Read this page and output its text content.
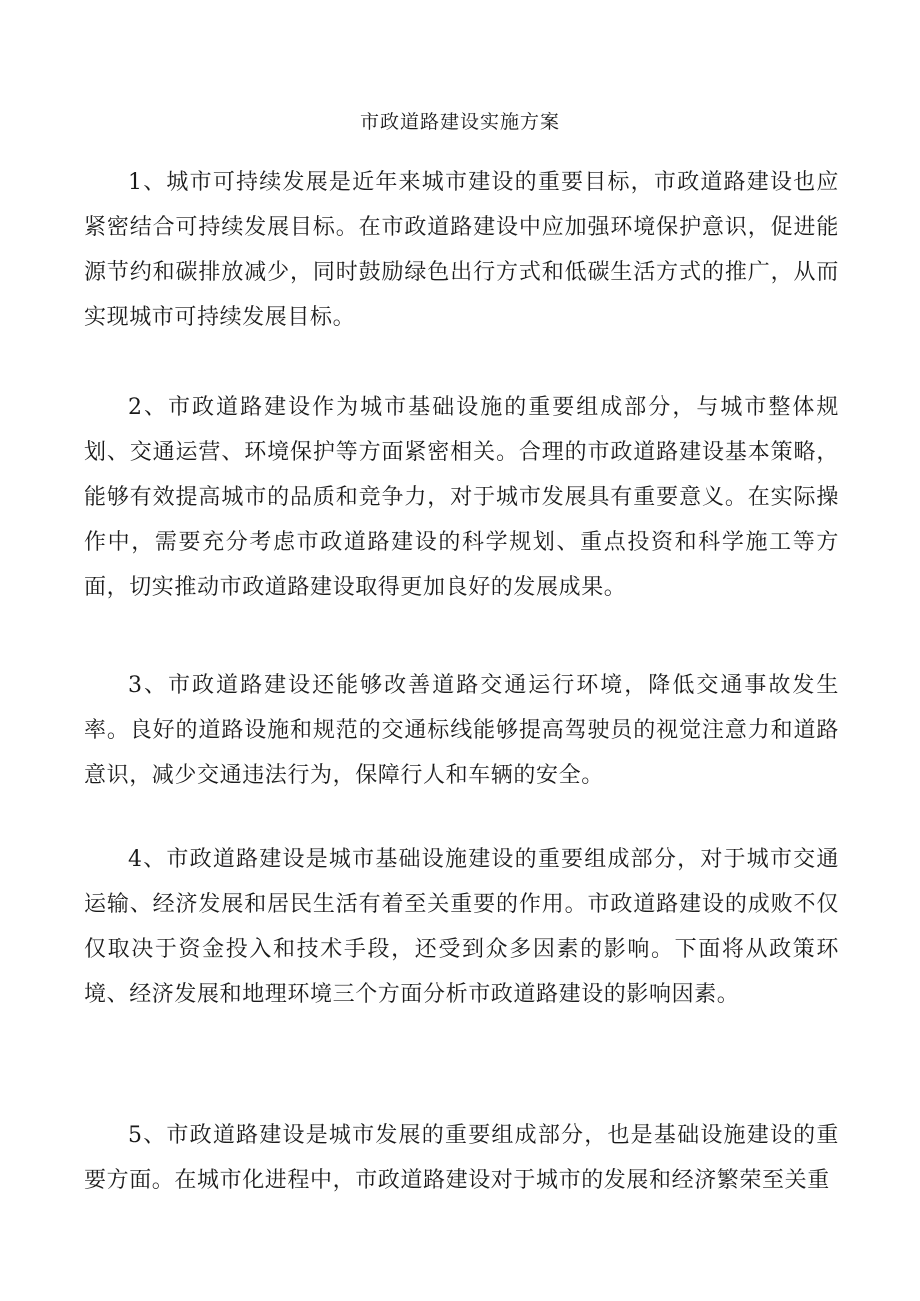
市政道路建设实施方案

1、城市可持续发展是近年来城市建设的重要目标，市政道路建设也应紧密结合可持续发展目标。在市政道路建设中应加强环境保护意识，促进能源节约和碳排放减少，同时鼓励绿色出行方式和低碳生活方式的推广，从而实现城市可持续发展目标。

2、市政道路建设作为城市基础设施的重要组成部分，与城市整体规划、交通运营、环境保护等方面紧密相关。合理的市政道路建设基本策略，能够有效提高城市的品质和竞争力，对于城市发展具有重要意义。在实际操作中，需要充分考虑市政道路建设的科学规划、重点投资和科学施工等方面，切实推动市政道路建设取得更加良好的发展成果。

3、市政道路建设还能够改善道路交通运行环境，降低交通事故发生率。良好的道路设施和规范的交通标线能够提高驾驶员的视觉注意力和道路意识，减少交通违法行为，保障行人和车辆的安全。

4、市政道路建设是城市基础设施建设的重要组成部分，对于城市交通运输、经济发展和居民生活有着至关重要的作用。市政道路建设的成败不仅仅取决于资金投入和技术手段，还受到众多因素的影响。下面将从政策环境、经济发展和地理环境三个方面分析市政道路建设的影响因素。

5、市政道路建设是城市发展的重要组成部分，也是基础设施建设的重要方面。在城市化进程中，市政道路建设对于城市的发展和经济繁荣至关重
